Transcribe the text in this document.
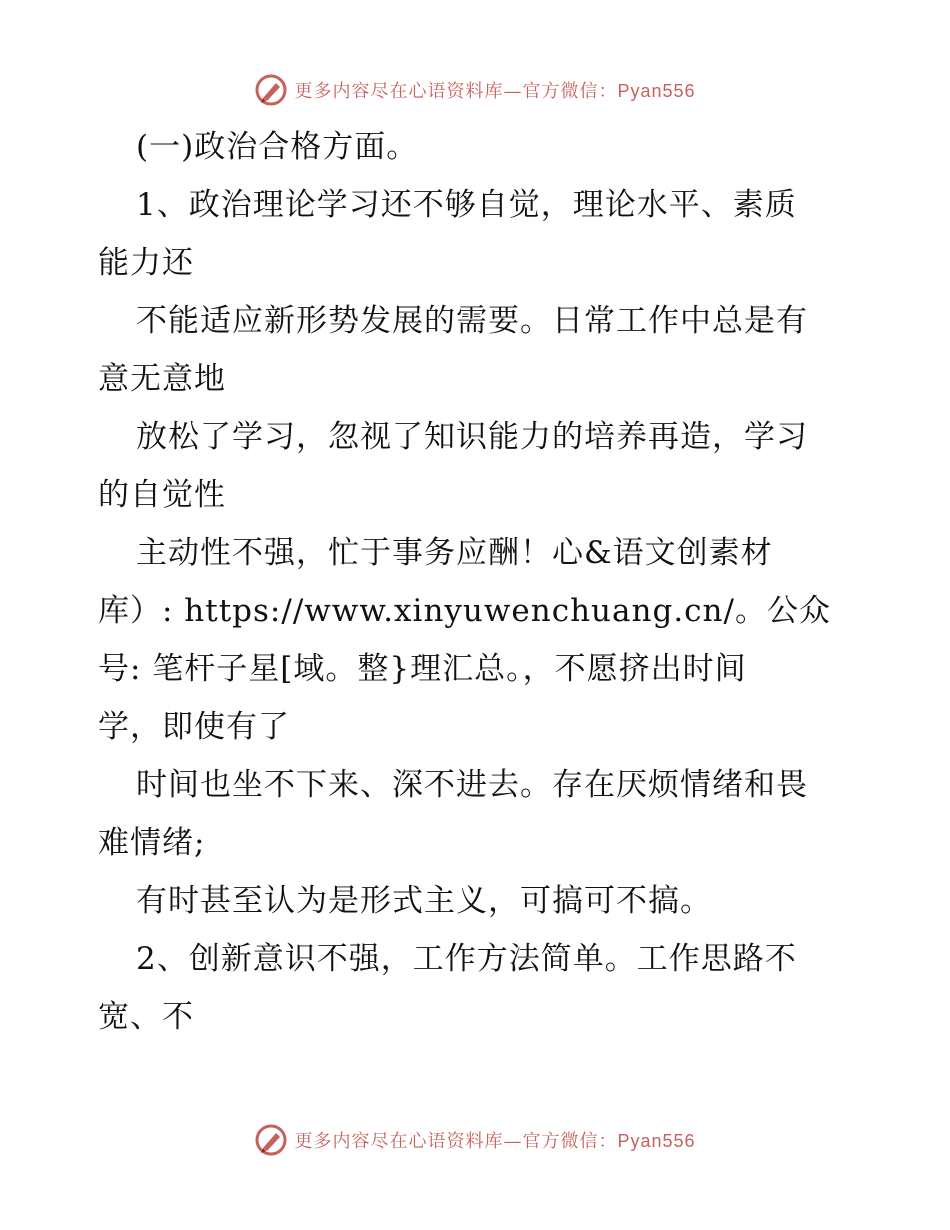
更多内容尽在心语资料库—官方微信：Pyan556
(一)政治合格方面。
1、政治理论学习还不够自觉，理论水平、素质
能力还
不能适应新形势发展的需要。日常工作中总是有
意无意地
放松了学习，忽视了知识能力的培养再造，学习
的自觉性
主动性不强，忙于事务应酬！心&语文创素材
库）: https://www.xinyuwenchuang.cn/。公众
号: 笔杆子星[域。整}理汇总。，不愿挤出时间
学，即使有了
时间也坐不下来、深不进去。存在厌烦情绪和畏
难情绪;
有时甚至认为是形式主义，可搞可不搞。
2、创新意识不强，工作方法简单。工作思路不
宽、不
更多内容尽在心语资料库—官方微信：Pyan556
